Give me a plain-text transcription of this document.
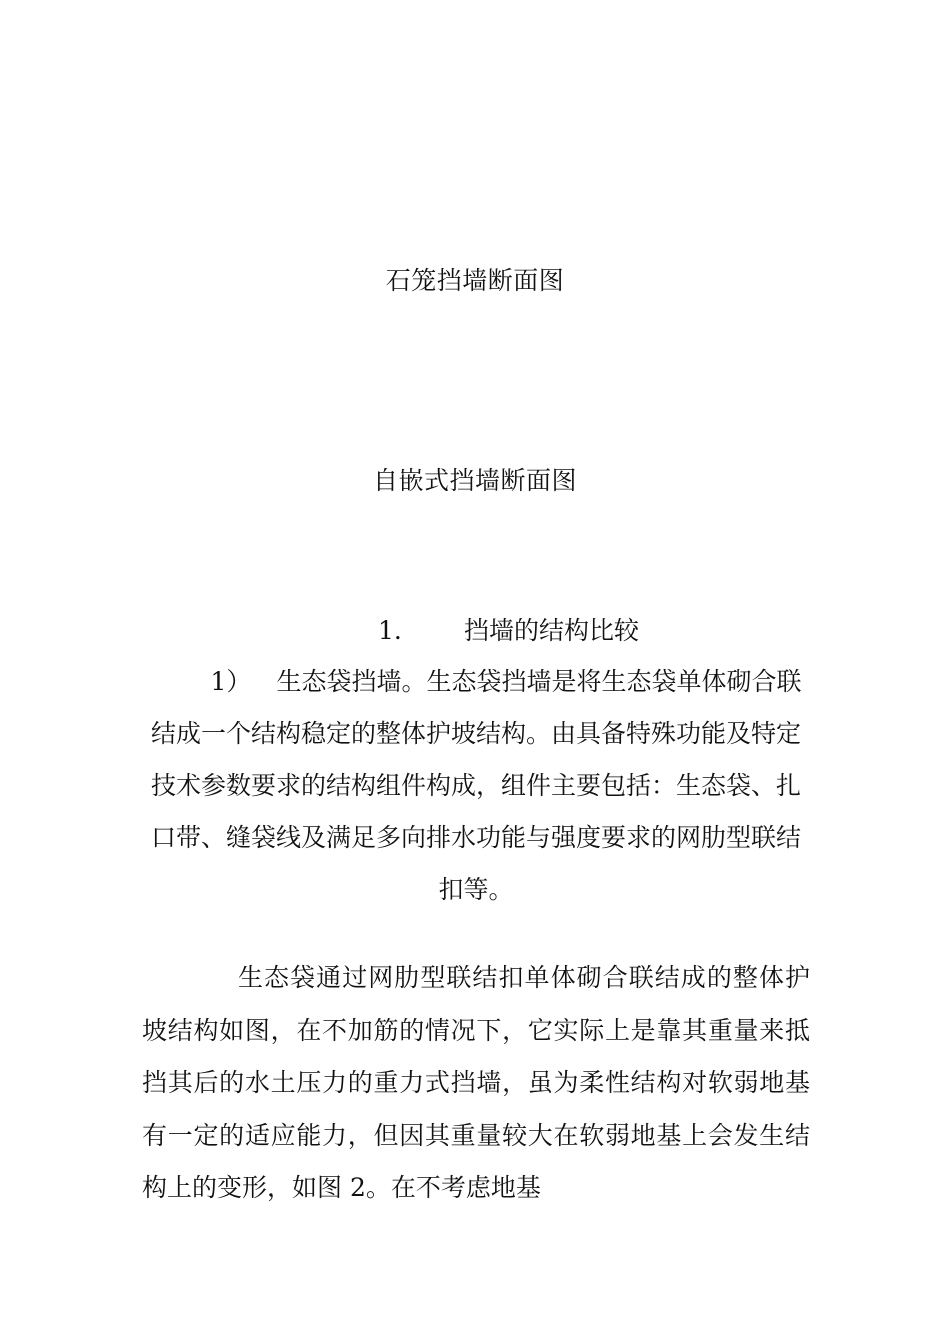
石笼挡墙断面图
自嵌式挡墙断面图
1. 挡墙的结构比较
1） 生态袋挡墙。生态袋挡墙是将生态袋单体砌合联结成一个结构稳定的整体护坡结构。由具备特殊功能及特定技术参数要求的结构组件构成，组件主要包括：生态袋、扎口带、缝袋线及满足多向排水功能与强度要求的网肋型联结扣等。
生态袋通过网肋型联结扣单体砌合联结成的整体护坡结构如图，在不加筋的情况下，它实际上是靠其重量来抵挡其后的水土压力的重力式挡墙，虽为柔性结构对软弱地基有一定的适应能力，但因其重量较大在软弱地基上会发生结构上的变形，如图 2。在不考虑地基
